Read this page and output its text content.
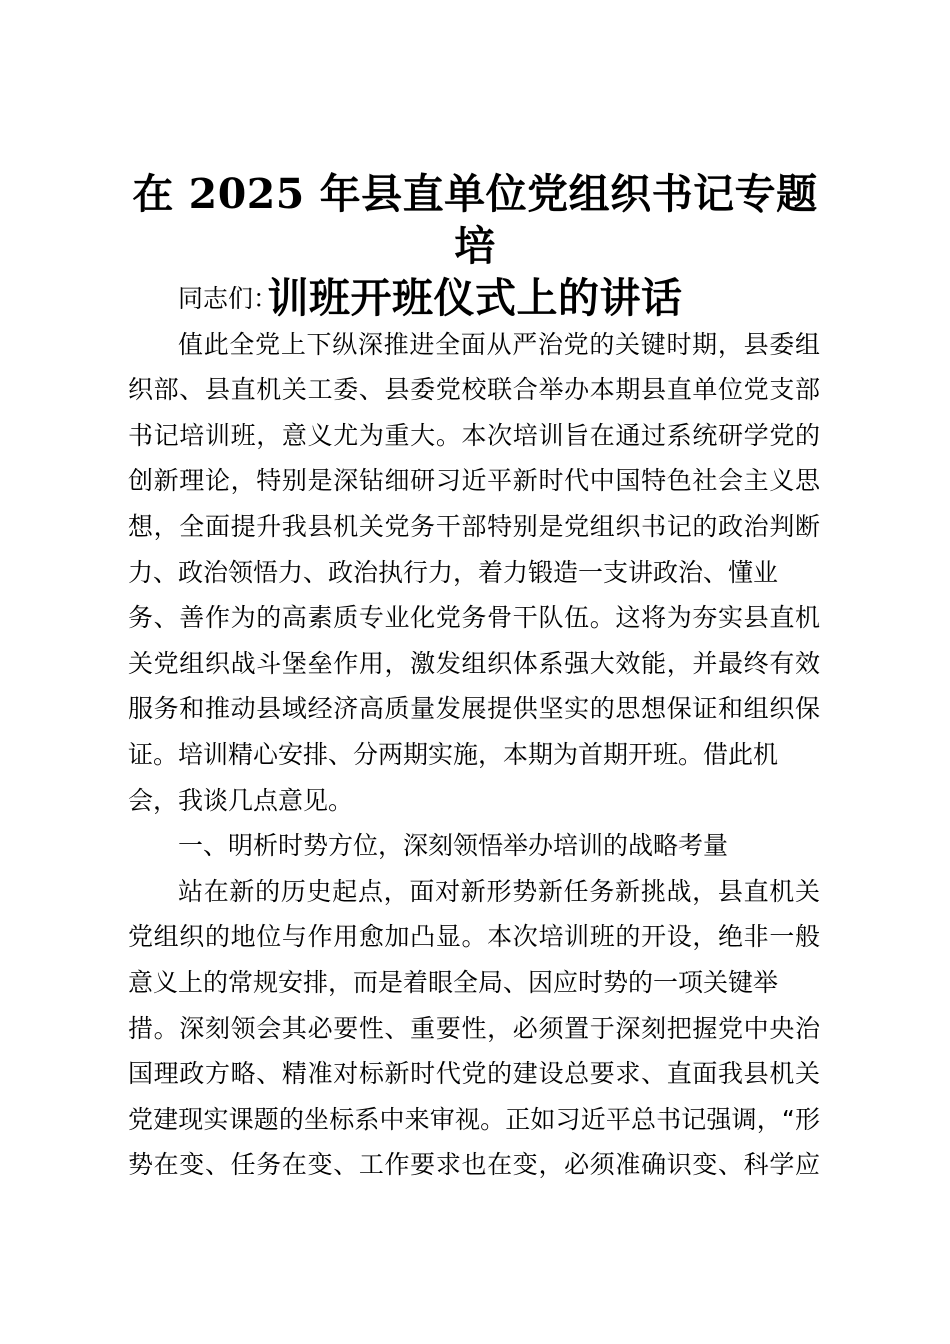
在 2025 年县直单位党组织书记专题培
训班开班仪式上的讲话
同志们：
值此全党上下纵深推进全面从严治党的关键时期，县委组
织部、县直机关工委、县委党校联合举办本期县直单位党支部
书记培训班，意义尤为重大。本次培训旨在通过系统研学党的
创新理论，特别是深钻细研习近平新时代中国特色社会主义思
想，全面提升我县机关党务干部特别是党组织书记的政治判断
力、政治领悟力、政治执行力，着力锻造一支讲政治、懂业
务、善作为的高素质专业化党务骨干队伍。这将为夯实县直机
关党组织战斗堡垒作用，激发组织体系强大效能，并最终有效
服务和推动县域经济高质量发展提供坚实的思想保证和组织保
证。培训精心安排、分两期实施，本期为首期开班。借此机
会，我谈几点意见。
一、明析时势方位，深刻领悟举办培训的战略考量
站在新的历史起点，面对新形势新任务新挑战，县直机关
党组织的地位与作用愈加凸显。本次培训班的开设，绝非一般
意义上的常规安排，而是着眼全局、因应时势的一项关键举
措。深刻领会其必要性、重要性，必须置于深刻把握党中央治
国理政方略、精准对标新时代党的建设总要求、直面我县机关
党建现实课题的坐标系中来审视。正如习近平总书记强调，“形
势在变、任务在变、工作要求也在变，必须准确识变、科学应
